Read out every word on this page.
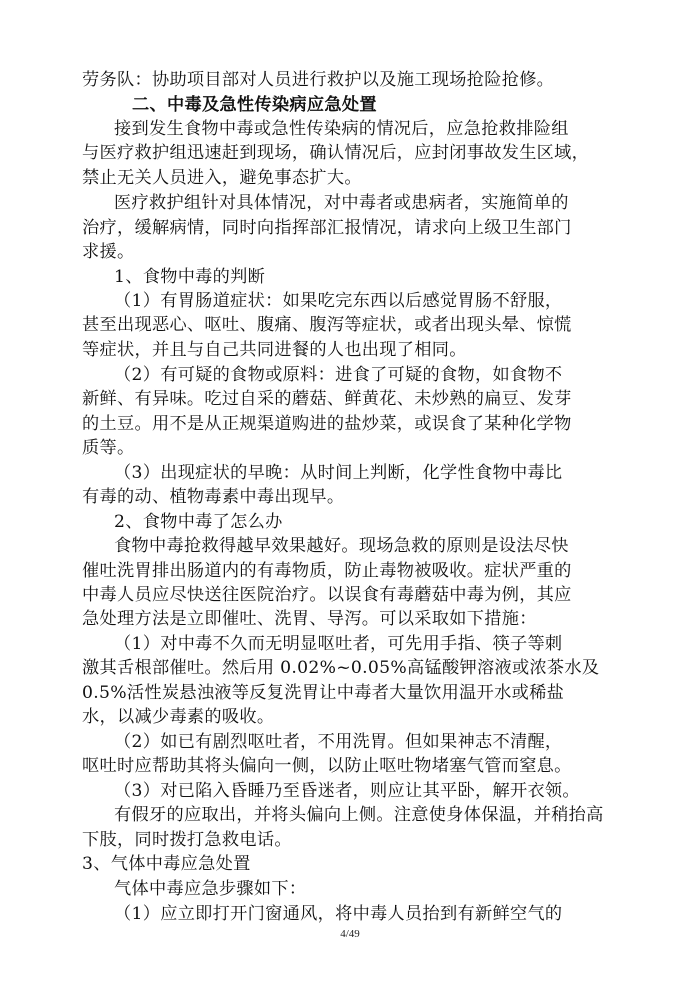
劳务队：协助项目部对人员进行救护以及施工现场抢险抢修。
二、中毒及急性传染病应急处置
接到发生食物中毒或急性传染病的情况后，应急抢救排险组
与医疗救护组迅速赶到现场，确认情况后，应封闭事故发生区域，
禁止无关人员进入，避免事态扩大。
医疗救护组针对具体情况，对中毒者或患病者，实施简单的
治疗，缓解病情，同时向指挥部汇报情况，请求向上级卫生部门
求援。
1、食物中毒的判断
（1）有胃肠道症状：如果吃完东西以后感觉胃肠不舒服，
甚至出现恶心、呕吐、腹痛、腹泻等症状，或者出现头晕、惊慌
等症状，并且与自己共同进餐的人也出现了相同。
（2）有可疑的食物或原料：进食了可疑的食物，如食物不
新鲜、有异味。吃过自采的蘑菇、鲜黄花、未炒熟的扁豆、发芽
的土豆。用不是从正规渠道购进的盐炒菜，或误食了某种化学物
质等。
（3）出现症状的早晚：从时间上判断，化学性食物中毒比
有毒的动、植物毒素中毒出现早。
2、食物中毒了怎么办
食物中毒抢救得越早效果越好。现场急救的原则是设法尽快
催吐洗胃排出肠道内的有毒物质，防止毒物被吸收。症状严重的
中毒人员应尽快送往医院治疗。以误食有毒蘑菇中毒为例，其应
急处理方法是立即催吐、洗胃、导泻。可以采取如下措施：
（1）对中毒不久而无明显呕吐者，可先用手指、筷子等刺
激其舌根部催吐。然后用 0.02%~0.05%高锰酸钾溶液或浓茶水及
0.5%活性炭悬浊液等反复洗胃让中毒者大量饮用温开水或稀盐
水，以减少毒素的吸收。
（2）如已有剧烈呕吐者，不用洗胃。但如果神志不清醒，
呕吐时应帮助其将头偏向一侧，以防止呕吐物堵塞气管而窒息。
（3）对已陷入昏睡乃至昏迷者，则应让其平卧，解开衣领。
有假牙的应取出，并将头偏向上侧。注意使身体保温，并稍抬高
下肢，同时拨打急救电话。
3、气体中毒应急处置
气体中毒应急步骤如下：
（1）应立即打开门窗通风，将中毒人员抬到有新鲜空气的
4/49
